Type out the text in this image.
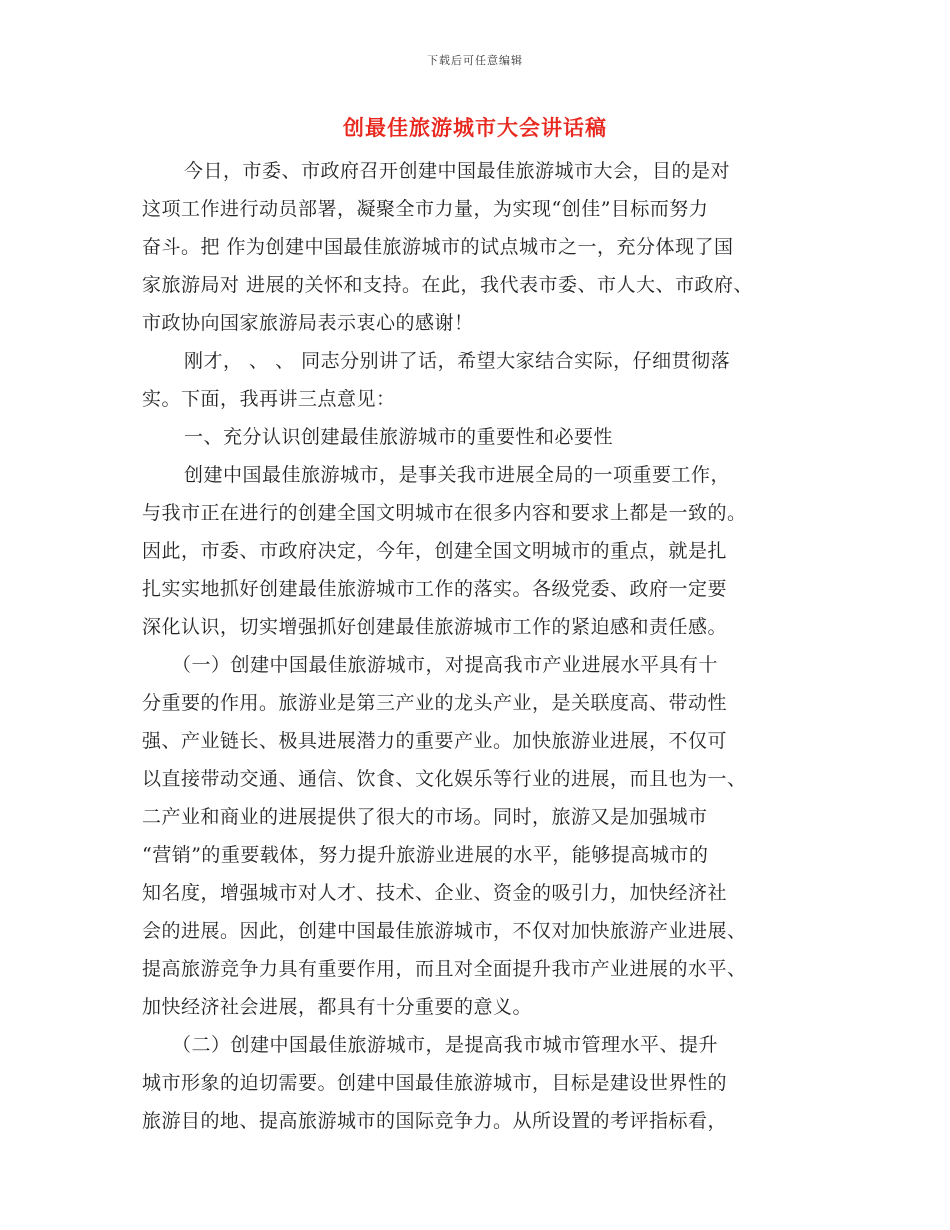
下载后可任意编辑
创最佳旅游城市大会讲话稿
今日，市委、市政府召开创建中国最佳旅游城市大会，目的是对
这项工作进行动员部署，凝聚全市力量，为实现“创佳”目标而努力
奋斗。把 作为创建中国最佳旅游城市的试点城市之一，充分体现了国
家旅游局对 进展的关怀和支持。在此，我代表市委、市人大、市政府、
市政协向国家旅游局表示衷心的感谢！
刚才， 、 、 同志分别讲了话，希望大家结合实际，仔细贯彻落
实。下面，我再讲三点意见：
一、充分认识创建最佳旅游城市的重要性和必要性
创建中国最佳旅游城市，是事关我市进展全局的一项重要工作，
与我市正在进行的创建全国文明城市在很多内容和要求上都是一致的。
因此，市委、市政府决定，今年，创建全国文明城市的重点，就是扎
扎实实地抓好创建最佳旅游城市工作的落实。各级党委、政府一定要
深化认识，切实增强抓好创建最佳旅游城市工作的紧迫感和责任感。
（一）创建中国最佳旅游城市，对提高我市产业进展水平具有十
分重要的作用。旅游业是第三产业的龙头产业，是关联度高、带动性
强、产业链长、极具进展潜力的重要产业。加快旅游业进展，不仅可
以直接带动交通、通信、饮食、文化娱乐等行业的进展，而且也为一、
二产业和商业的进展提供了很大的市场。同时，旅游又是加强城市
“营销”的重要载体，努力提升旅游业进展的水平，能够提高城市的
知名度，增强城市对人才、技术、企业、资金的吸引力，加快经济社
会的进展。因此，创建中国最佳旅游城市，不仅对加快旅游产业进展、
提高旅游竞争力具有重要作用，而且对全面提升我市产业进展的水平、
加快经济社会进展，都具有十分重要的意义。
（二）创建中国最佳旅游城市，是提高我市城市管理水平、提升
城市形象的迫切需要。创建中国最佳旅游城市，目标是建设世界性的
旅游目的地、提高旅游城市的国际竞争力。从所设置的考评指标看，
